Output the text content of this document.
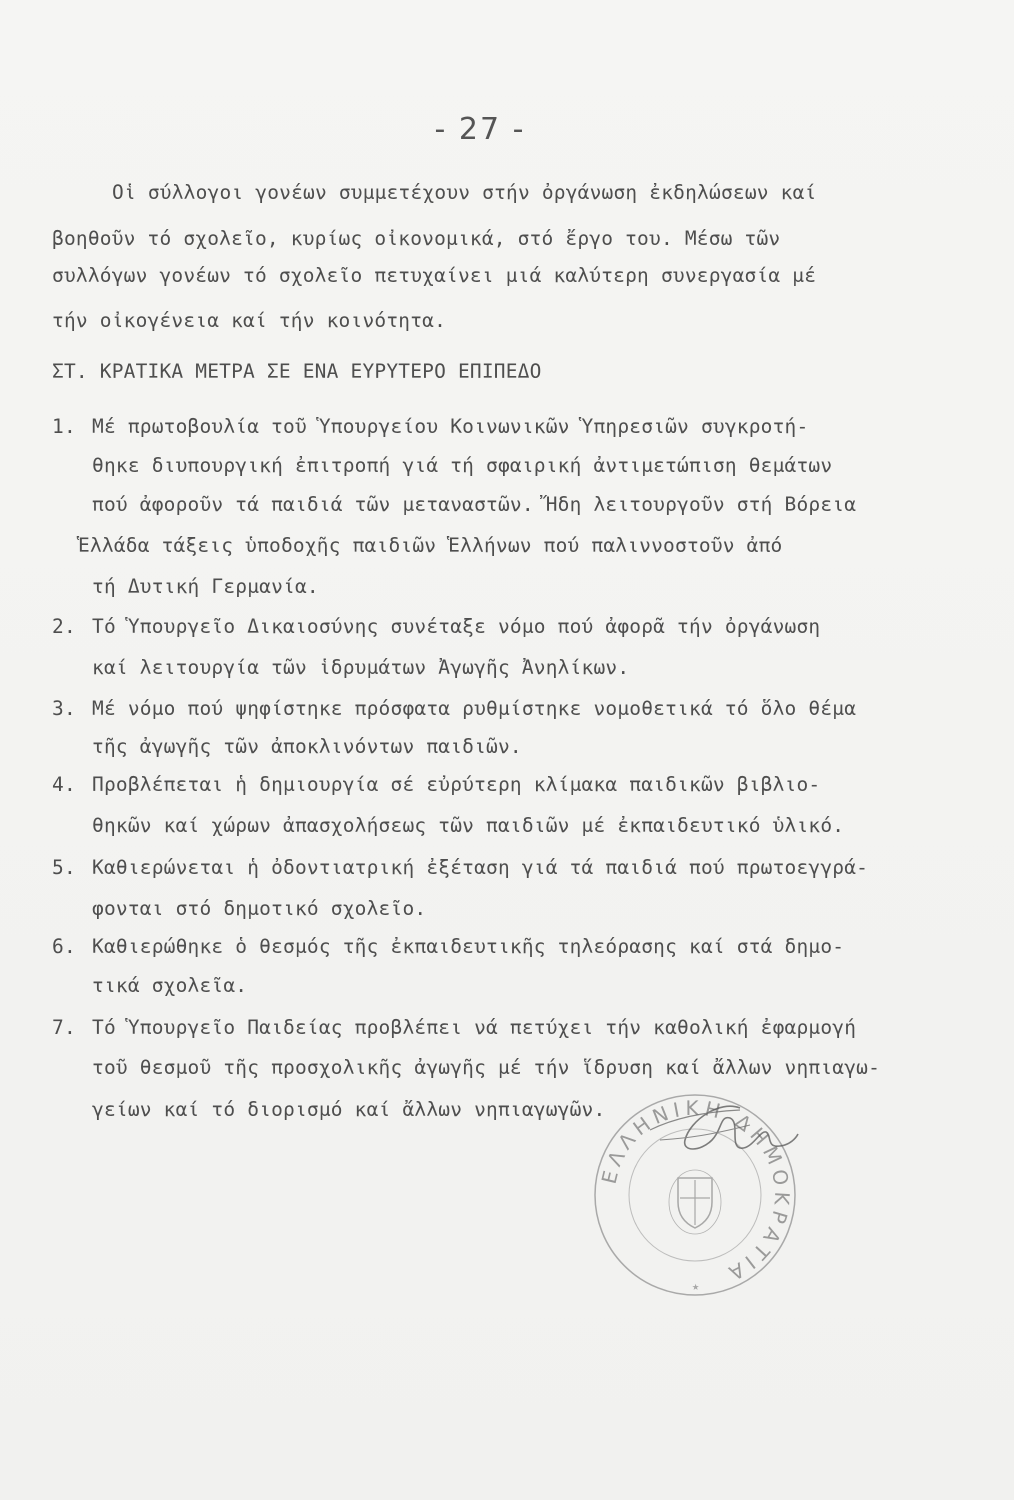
- 27 -
Οἱ σύλλογοι γονέων συμμετέχουν στήν ὀργάνωση ἐκδηλώσεων καί
βοηθοῦν τό σχολεῖο, κυρίως οἰκονομικά, στό ἔργο του. Μέσω τῶν
συλλόγων γονέων τό σχολεῖο πετυχαίνει μιά καλύτερη συνεργασία μέ
τήν οἰκογένεια καί τήν κοινότητα.
ΣΤ. ΚΡΑΤΙΚΑ ΜΕΤΡΑ ΣΕ ΕΝΑ ΕΥΡΥΤΕΡΟ ΕΠΙΠΕΔΟ
1. Μέ πρωτοβουλία τοῦ Ὑπουργείου Κοινωνικῶν Ὑπηρεσιῶν συγκροτή-
θηκε διυπουργική ἐπιτροπή γιά τή σφαιρική ἀντιμετώπιση θεμάτων
πού ἀφοροῦν τά παιδιά τῶν μεταναστῶν. Ἤδη λειτουργοῦν στή Βόρεια
Ἑλλάδα τάξεις ὑποδοχῆς παιδιῶν Ἑλλήνων πού παλιννοστοῦν ἀπό
τή Δυτική Γερμανία.
2. Τό Ὑπουργεῖο Δικαιοσύνης συνέταξε νόμο πού ἀφορᾶ τήν ὀργάνωση
καί λειτουργία τῶν ἱδρυμάτων Ἀγωγῆς Ἀνηλίκων.
3. Μέ νόμο πού ψηφίστηκε πρόσφατα ρυθμίστηκε νομοθετικά τό ὅλο θέμα
τῆς ἀγωγῆς τῶν ἀποκλινόντων παιδιῶν.
4. Προβλέπεται ἡ δημιουργία σέ εὐρύτερη κλίμακα παιδικῶν βιβλιο-
θηκῶν καί χώρων ἀπασχολήσεως τῶν παιδιῶν μέ ἐκπαιδευτικό ὑλικό.
5. Καθιερώνεται ἡ ὀδοντιατρική ἐξέταση γιά τά παιδιά πού πρωτοεγγρά-
φονται στό δημοτικό σχολεῖο.
6. Καθιερώθηκε ὁ θεσμός τῆς ἐκπαιδευτικῆς τηλεόρασης καί στά δημο-
τικά σχολεῖα.
7. Τό Ὑπουργεῖο Παιδείας προβλέπει νά πετύχει τήν καθολική ἐφαρμογή
τοῦ θεσμοῦ τῆς προσχολικῆς ἀγωγῆς μέ τήν ἵδρυση καί ἄλλων νηπιαγω-
γείων καί τό διορισμό καί ἄλλων νηπιαγωγῶν.
ΕΛΛΗΝΙΚΗ ΔΗΜΟΚΡΑΤΙΑ
★
